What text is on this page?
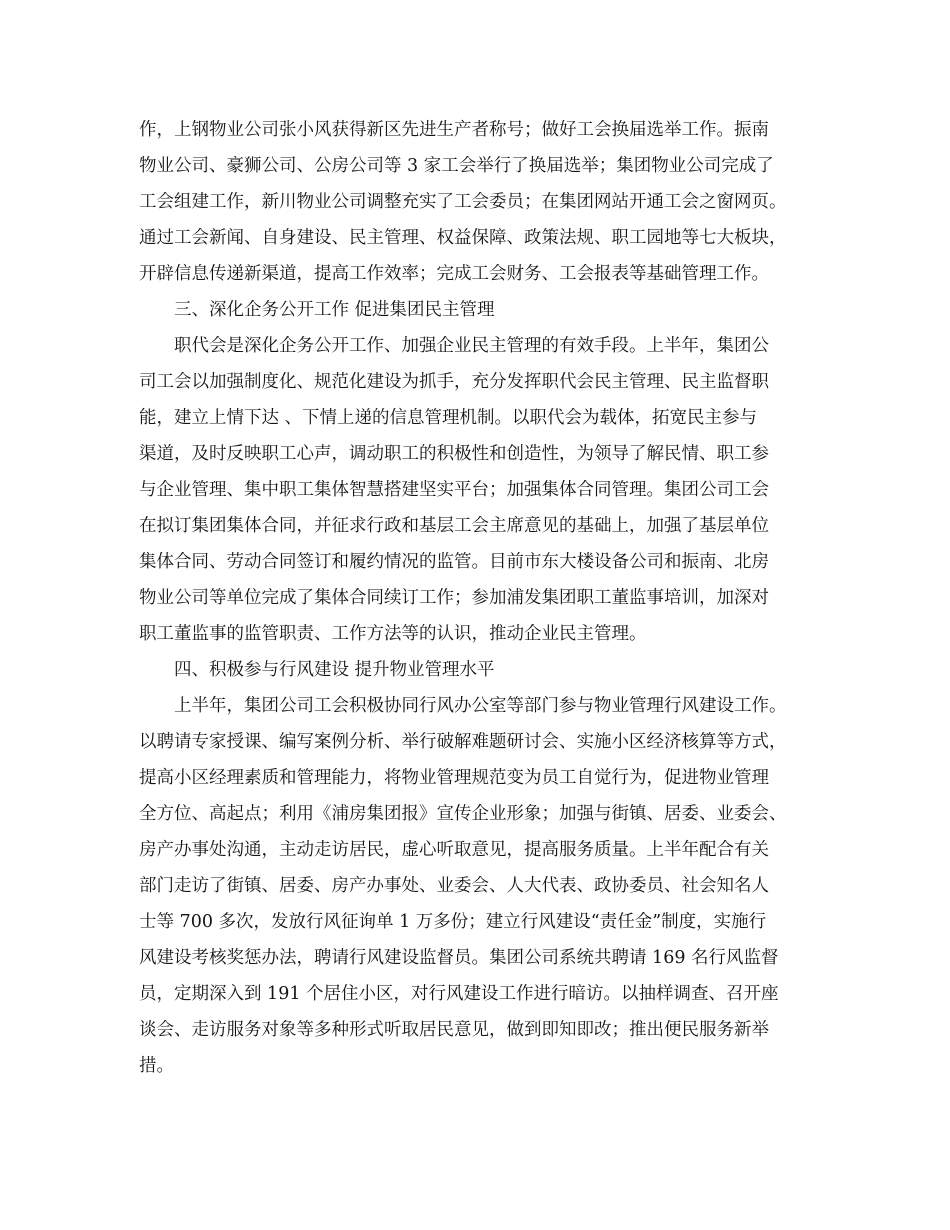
作，上钢物业公司张小风获得新区先进生产者称号；做好工会换届选举工作。振南
物业公司、豪狮公司、公房公司等 3 家工会举行了换届选举；集团物业公司完成了
工会组建工作，新川物业公司调整充实了工会委员；在集团网站开通工会之窗网页。
通过工会新闻、自身建设、民主管理、权益保障、政策法规、职工园地等七大板块，
开辟信息传递新渠道，提高工作效率；完成工会财务、工会报表等基础管理工作。
三、深化企务公开工作 促进集团民主管理
职代会是深化企务公开工作、加强企业民主管理的有效手段。上半年，集团公
司工会以加强制度化、规范化建设为抓手，充分发挥职代会民主管理、民主监督职
能，建立上情下达 、下情上递的信息管理机制。以职代会为载体，拓宽民主参与
渠道，及时反映职工心声，调动职工的积极性和创造性，为领导了解民情、职工参
与企业管理、集中职工集体智慧搭建坚实平台；加强集体合同管理。集团公司工会
在拟订集团集体合同，并征求行政和基层工会主席意见的基础上，加强了基层单位
集体合同、劳动合同签订和履约情况的监管。目前市东大楼设备公司和振南、北房
物业公司等单位完成了集体合同续订工作；参加浦发集团职工董监事培训，加深对
职工董监事的监管职责、工作方法等的认识，推动企业民主管理。
四、积极参与行风建设 提升物业管理水平
上半年，集团公司工会积极协同行风办公室等部门参与物业管理行风建设工作。
以聘请专家授课、编写案例分析、举行破解难题研讨会、实施小区经济核算等方式，
提高小区经理素质和管理能力，将物业管理规范变为员工自觉行为，促进物业管理
全方位、高起点；利用《浦房集团报》宣传企业形象；加强与街镇、居委、业委会、
房产办事处沟通，主动走访居民，虚心听取意见，提高服务质量。上半年配合有关
部门走访了街镇、居委、房产办事处、业委会、人大代表、政协委员、社会知名人
士等 700 多次，发放行风征询单 1 万多份；建立行风建设“责任金”制度，实施行
风建设考核奖惩办法，聘请行风建设监督员。集团公司系统共聘请 169 名行风监督
员，定期深入到 191 个居住小区，对行风建设工作进行暗访。以抽样调查、召开座
谈会、走访服务对象等多种形式听取居民意见，做到即知即改；推出便民服务新举
措。
